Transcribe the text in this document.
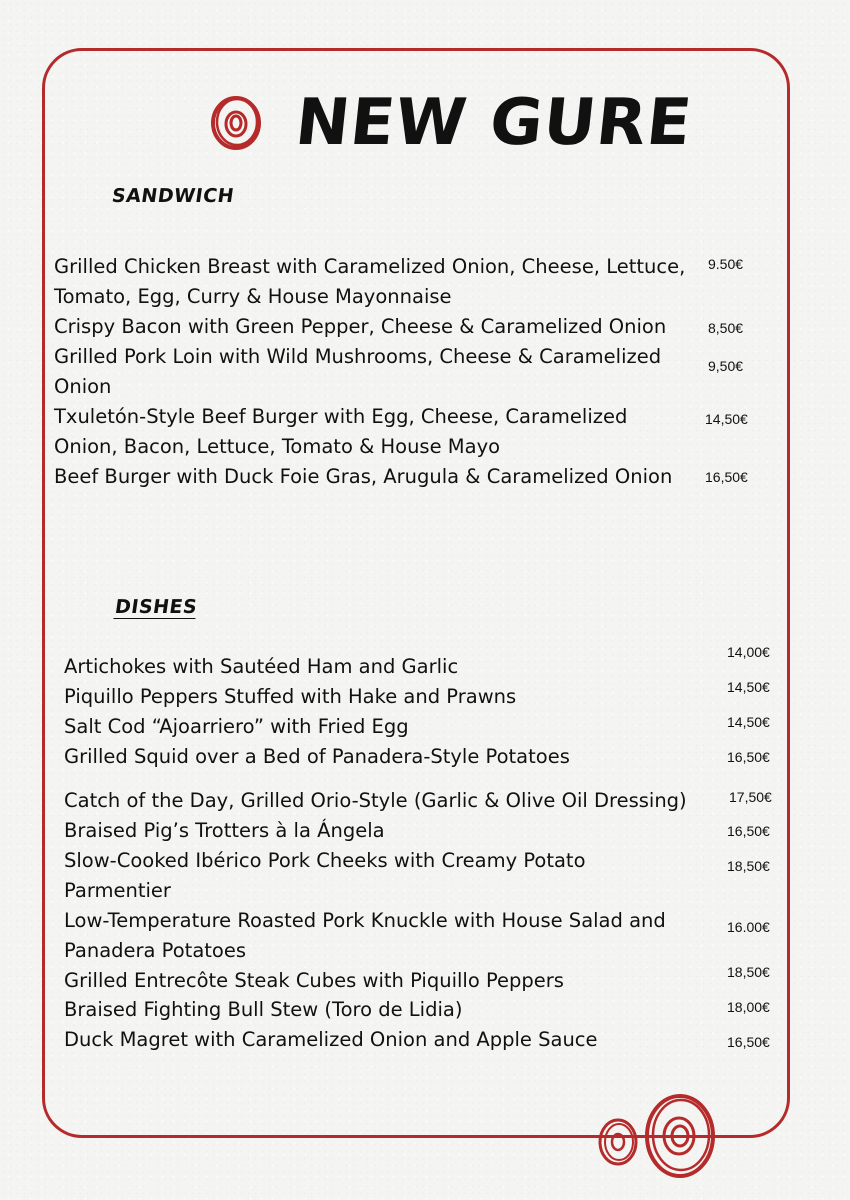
NEW GURE
SANDWICH
DISHES
Grilled Chicken Breast with Caramelized Onion, Cheese, Lettuce,
Tomato, Egg, Curry & House Mayonnaise
9.50€
Crispy Bacon with Green Pepper, Cheese & Caramelized Onion	8,50€
Grilled Pork Loin with Wild Mushrooms, Cheese & Caramelized
Onion
9,50€
Txuletón-Style Beef Burger with Egg, Cheese, Caramelized
Onion, Bacon, Lettuce, Tomato & House Mayo
14,50€
Beef Burger with Duck Foie Gras, Arugula & Caramelized Onion 16,50€
Artichokes with Sautéed Ham and Garlic
14,00€
Piquillo Peppers Stuffed with Hake and Prawns	14,50€
Salt Cod “Ajoarriero” with Fried Egg	14,50€
Grilled Squid over a Bed of Panadera-Style Potatoes	16,50€
Catch of the Day, Grilled Orio-Style (Garlic & Olive Oil Dressing)	17,50€
Braised Pig’s Trotters à la Ángela	16,50€
Slow-Cooked Ibérico Pork Cheeks with Creamy Potato
Parmentier
18,50€
Low-Temperature Roasted Pork Knuckle with House Salad and
Panadera Potatoes
16.00€
Grilled Entrecôte Steak Cubes with Piquillo Peppers	18,50€
Braised Fighting Bull Stew (Toro de Lidia)	18,00€
Duck Magret with Caramelized Onion and Apple Sauce	16,50€
